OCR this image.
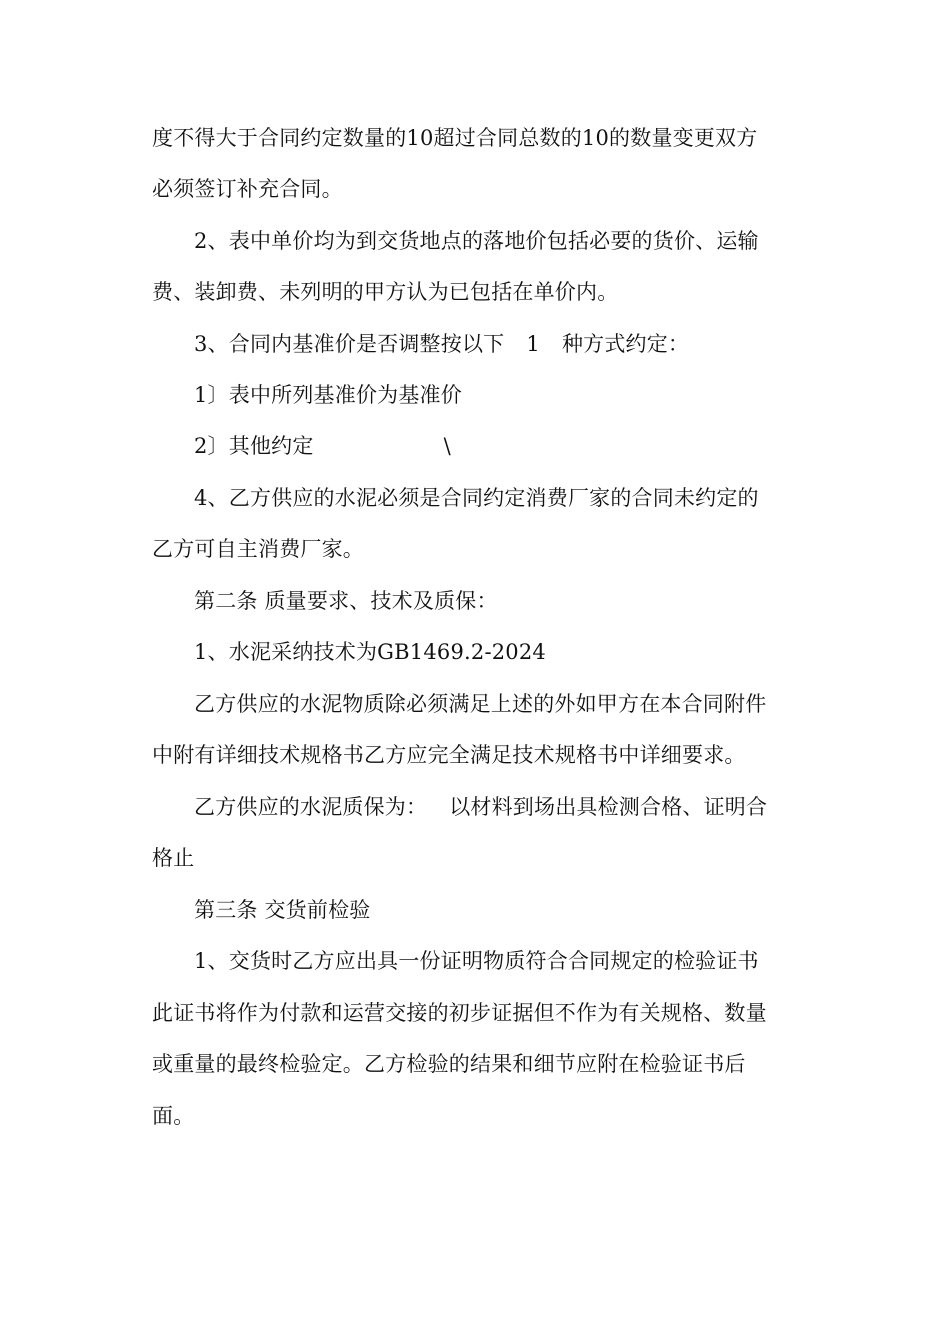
度不得大于合同约定数量的10超过合同总数的10的数量变更双方
必须签订补充合同。
2、表中单价均为到交货地点的落地价包括必要的货价、运输
费、装卸费、未列明的甲方认为已包括在单价内。
3、合同内基准价是否调整按以下 1 种方式约定：
1〕表中所列基准价为基准价
2〕其他约定	\
4、乙方供应的水泥必须是合同约定消费厂家的合同未约定的
乙方可自主消费厂家。
第二条 质量要求、技术及质保：
1、水泥采纳技术为GB1469.2-2024
乙方供应的水泥物质除必须满足上述的外如甲方在本合同附件
中附有详细技术规格书乙方应完全满足技术规格书中详细要求。
乙方供应的水泥质保为： 以材料到场出具检测合格、证明合
格止
第三条 交货前检验
1、交货时乙方应出具一份证明物质符合合同规定的检验证书
此证书将作为付款和运营交接的初步证据但不作为有关规格、数量
或重量的最终检验定。乙方检验的结果和细节应附在检验证书后
面。
